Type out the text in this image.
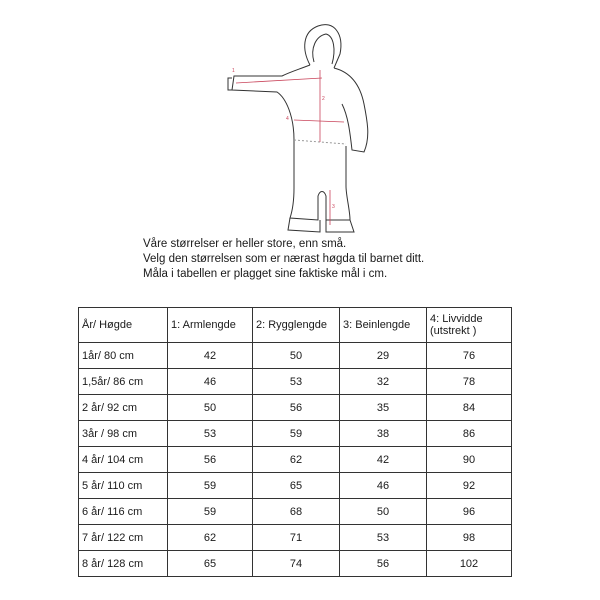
1
2
3
4
Våre størrelser er heller store, enn små.
Velg den størrelsen som er nærast høgda til barnet ditt.
Måla i tabellen er plagget sine faktiske mål i cm.
År/ Høgde	1: Armlengde	2: Rygglengde	3: Beinlengde	4: Livvidde
(utstrekt )
1år/ 80 cm	42	50	29	76
1,5år/ 86 cm	46	53	32	78
2 år/ 92 cm	50	56	35	84
3år / 98 cm	53	59	38	86
4 år/ 104 cm	56	62	42	90
5 år/ 110 cm	59	65	46	92
6 år/ 116 cm	59	68	50	96
7 år/ 122 cm	62	71	53	98
8 år/ 128 cm	65	74	56	102
